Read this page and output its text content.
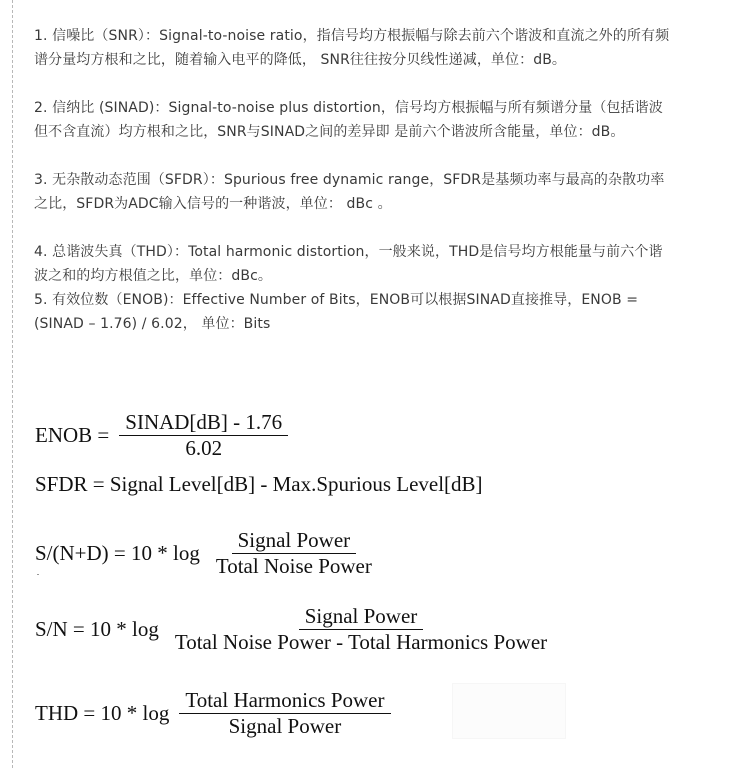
1. 信噪比（SNR）：Signal-to-noise ratio，指信号均方根振幅与除去前六个谐波和直流之外的所有频谱分量均方根和之比，随着输入电平的降低， SNR往往按分贝线性递减，单位：dB。

2. 信纳比 (SINAD)：Signal-to-noise plus distortion，信号均方根振幅与所有频谱分量（包括谐波但不含直流）均方根和之比，SNR与SINAD之间的差异即 是前六个谐波所含能量，单位：dB。

3. 无杂散动态范围（SFDR）：Spurious free dynamic range，SFDR是基频功率与最高的杂散功率之比，SFDR为ADC输入信号的一种谐波，单位： dBc 。

4. 总谐波失真（THD）：Total harmonic distortion，一般来说，THD是信号均方根能量与前六个谐波之和的均方根值之比，单位：dBc。

5. 有效位数（ENOB)：Effective Number of Bits，ENOB可以根据SINAD直接推导，ENOB = (SINAD – 1.76) / 6.02， 单位：Bits

ENOB = $\frac{\text{SINAD[dB] - 1.76}}{6.02}$
SFDR = Signal Level[dB] - Max.Spurious Level[dB]
$S/(N+D) = 10 * \log \frac{\text{Signal Power}}{\text{Total Noise Power}}$
$S/N = 10 * \log \frac{\text{Signal Power}}{\text{Total Noise Power - Total Harmonics Power}}$
THD = $10 * \log \frac{\text{Total Harmonics Power}}{\text{Signal Power}}$
